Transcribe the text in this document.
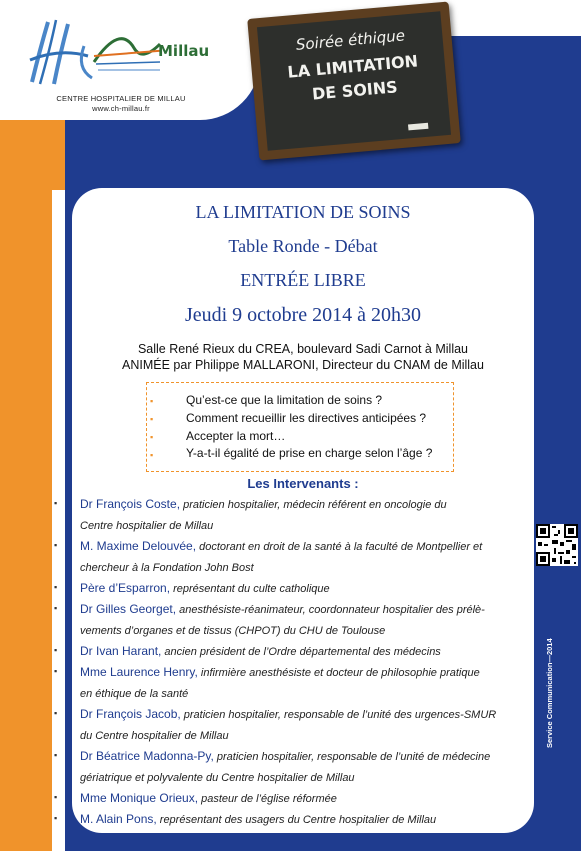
Millau
CENTRE HOSPITALIER DE MILLAU
www.ch-millau.fr
Soirée éthique
LA LIMITATION
DE SOINS
LA LIMITATION DE SOINS
Table Ronde - Débat
ENTRÉE LIBRE
Jeudi 9 octobre 2014 à 20h30
Salle René Rieux du CREA, boulevard Sadi Carnot à Millau
ANIMÉE par Philippe MALLARONI, Directeur du CNAM de Millau
▪	Qu’est-ce que la limitation de soins ?
▪	Comment recueillir les directives anticipées ?
▪	Accepter la mort…
▪	Y-a-t-il égalité de prise en charge selon l’âge ?
Les Intervenants :
▪ Dr François Coste, praticien hospitalier, médecin référent en oncologie du
Centre hospitalier de Millau
▪ M. Maxime Delouvée, doctorant en droit de la santé à la faculté de Montpellier et
chercheur à la Fondation John Bost
▪ Père d’Esparron, représentant du culte catholique
▪ Dr Gilles Georget, anesthésiste-réanimateur, coordonnateur hospitalier des prélè-
vements d’organes et de tissus (CHPOT) du CHU de Toulouse
▪ Dr Ivan Harant, ancien président de l’Ordre départemental des médecins
▪ Mme Laurence Henry, infirmière anesthésiste et docteur de philosophie pratique
en éthique de la santé
▪ Dr François Jacob, praticien hospitalier, responsable de l’unité des urgences-SMUR
du Centre hospitalier de Millau
▪ Dr Béatrice Madonna-Py, praticien hospitalier, responsable de l’unité de médecine
gériatrique et polyvalente du Centre hospitalier de Millau
▪ Mme Monique Orieux, pasteur de l’église réformée
▪ M. Alain Pons, représentant des usagers du Centre hospitalier de Millau
Service Communication—2014
